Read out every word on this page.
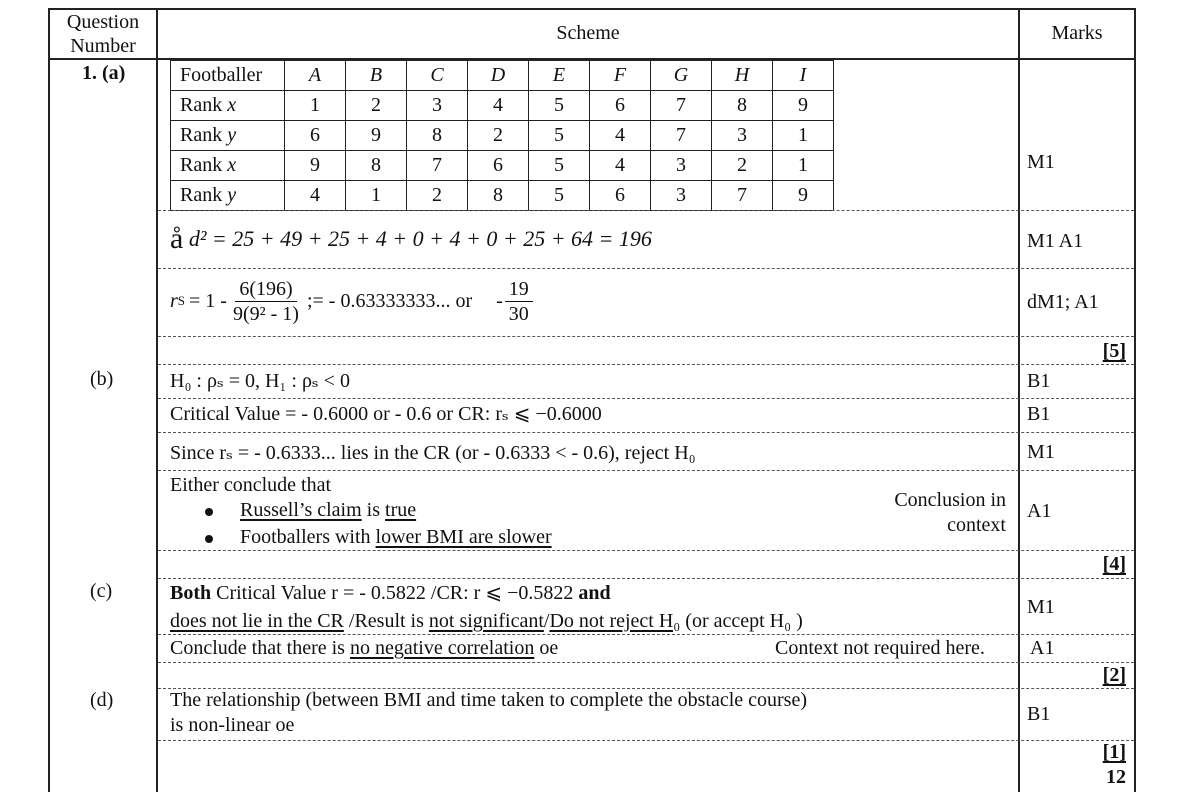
Question
Number
Scheme	Marks
1. (a)	Footballer	A	B	C	D	E	F	G	H	I
Rank x	1	2	3	4	5	6	7	8	9
Rank y	6	9	8	2	5	4	7	3	1
Rank x	9	8	7	6	5	4	3	2	1
Rank y	4	1	2	8	5	6	3	7	9
M1
å d² = 25 + 49 + 25 + 4 + 0 + 4 + 0 + 25 + 64 = 196	M1 A1
r $S = 1 - \frac{6(196)}{\text{9(9² - 1)}}$ ;= - 0.63333333... or - $\frac{19}{30}$	dM1; A1
[5]
(b)	H₀ : ρₛ = 0, H₁ : ρₛ < 0	B1
Critical Value = - 0.6000 or - 0.6 or CR: rₛ ⩽ −0.6000	B1
Since rₛ = - 0.6333... lies in the CR (or - 0.6333 < - 0.6), reject H₀	M1
Either conclude that
Russell’s claim is true
Footballers with lower BMI are slower
Conclusion in
context
A1
[4]
(c)	Both Critical Value r = - 0.5822 /CR: r ⩽ −0.5822 and
does not lie in the CR /Result is not significant/Do not reject H₀ (or accept H₀ )
M1
Conclude that there is no negative correlation oe	Context not required here. A1
[2]
(d)	The relationship (between BMI and time taken to complete the obstacle course)
is non-linear oe	B1
[1]
12
